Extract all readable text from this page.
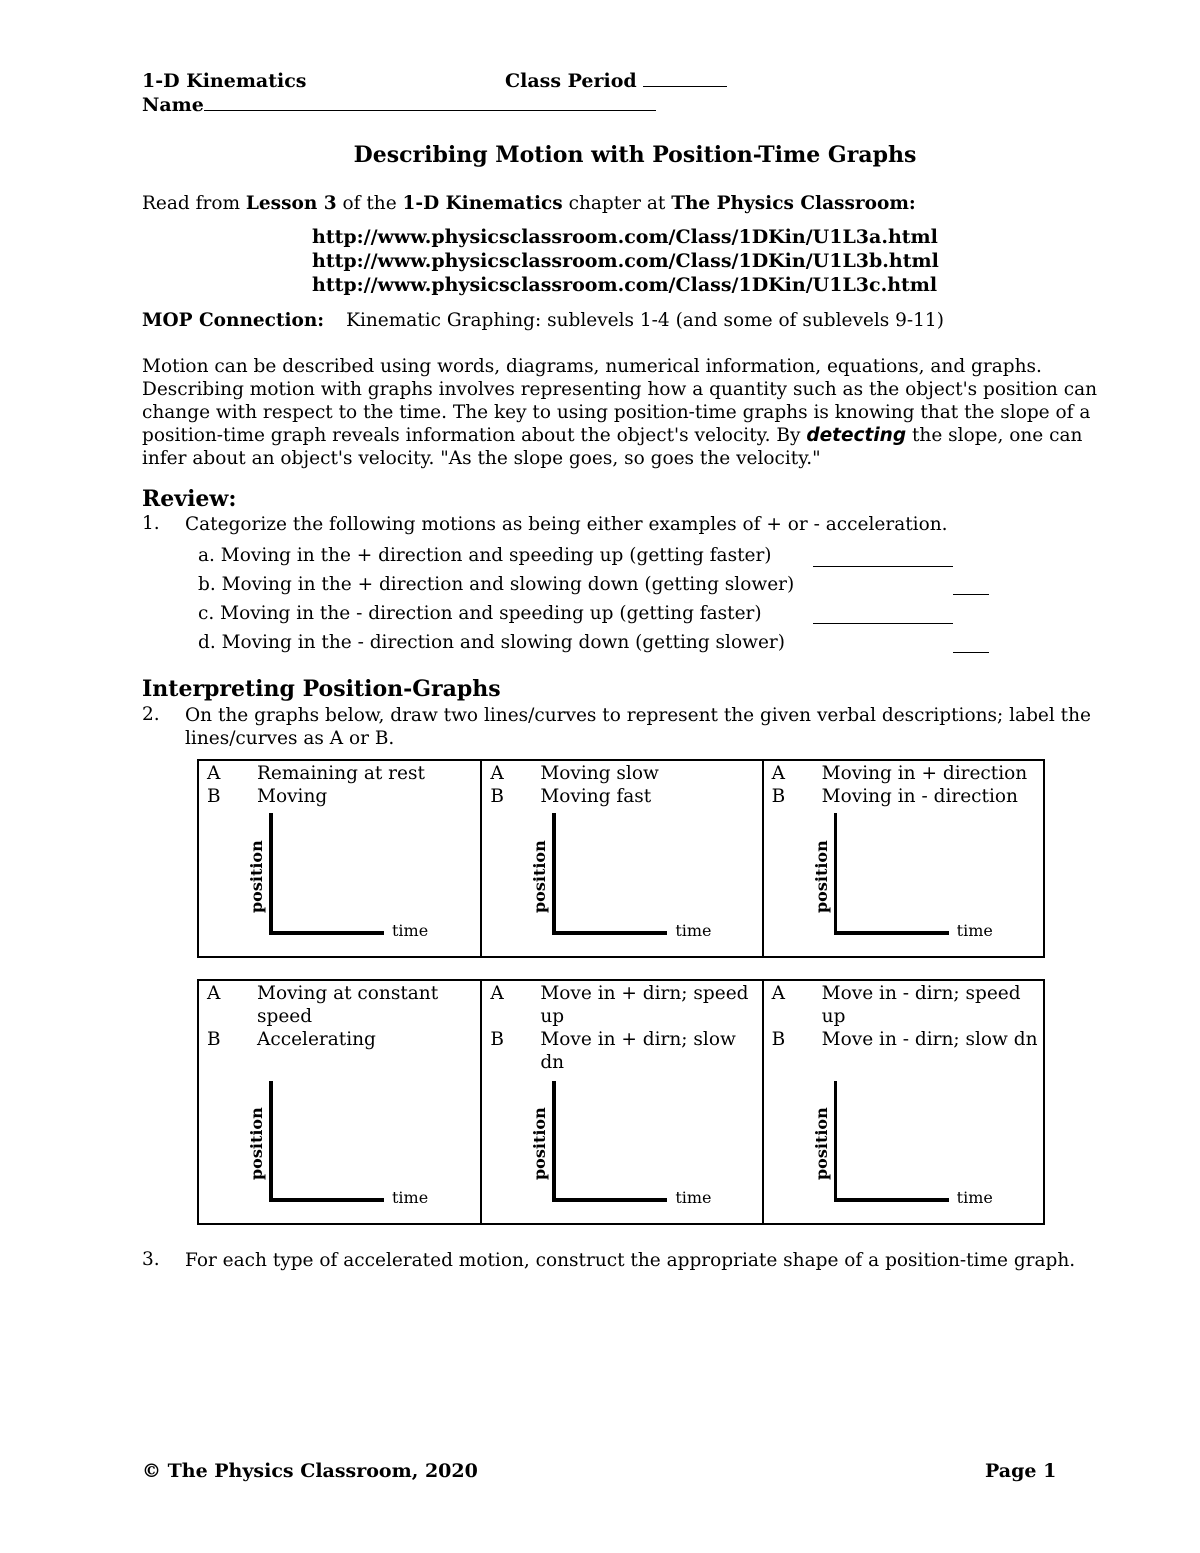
1-D Kinematics	Class Period
Name
Describing Motion with Position-Time Graphs
Read from Lesson 3 of the 1-D Kinematics chapter at The Physics Classroom:
http://www.physicsclassroom.com/Class/1DKin/U1L3a.html
http://www.physicsclassroom.com/Class/1DKin/U1L3b.html
http://www.physicsclassroom.com/Class/1DKin/U1L3c.html
MOP Connection: Kinematic Graphing: sublevels 1-4 (and some of sublevels 9-11)
Motion can be described using words, diagrams, numerical information, equations, and graphs. Describing motion with graphs involves representing how a quantity such as the object's position can change with respect to the time. The key to using position-time graphs is knowing that the slope of a position-time graph reveals information about the object's velocity. By detecting the slope, one can infer about an object's velocity. "As the slope goes, so goes the velocity."
Review:
1. Categorize the following motions as being either examples of + or - acceleration.
a. Moving in the + direction and speeding up (getting faster)
b. Moving in the + direction and slowing down (getting slower)
c. Moving in the - direction and speeding up (getting faster)
d. Moving in the - direction and slowing down (getting slower)
Interpreting Position-Graphs
2. On the graphs below, draw two lines/curves to represent the given verbal descriptions; label the lines/curves as A or B.
A	Remaining at rest
B	Moving
position
time
A	Moving slow
B	Moving fast
position
time
A	Moving in + direction
B	Moving in - direction
position
time
A	Moving at constant speed
B	Accelerating
position
time
A	Move in + dirn; speed up
B	Move in + dirn; slow dn
position
time
A	Move in - dirn; speed up
B	Move in - dirn; slow dn
position
time
3. For each type of accelerated motion, construct the appropriate shape of a position-time graph.
© The Physics Classroom, 2020	Page 1
